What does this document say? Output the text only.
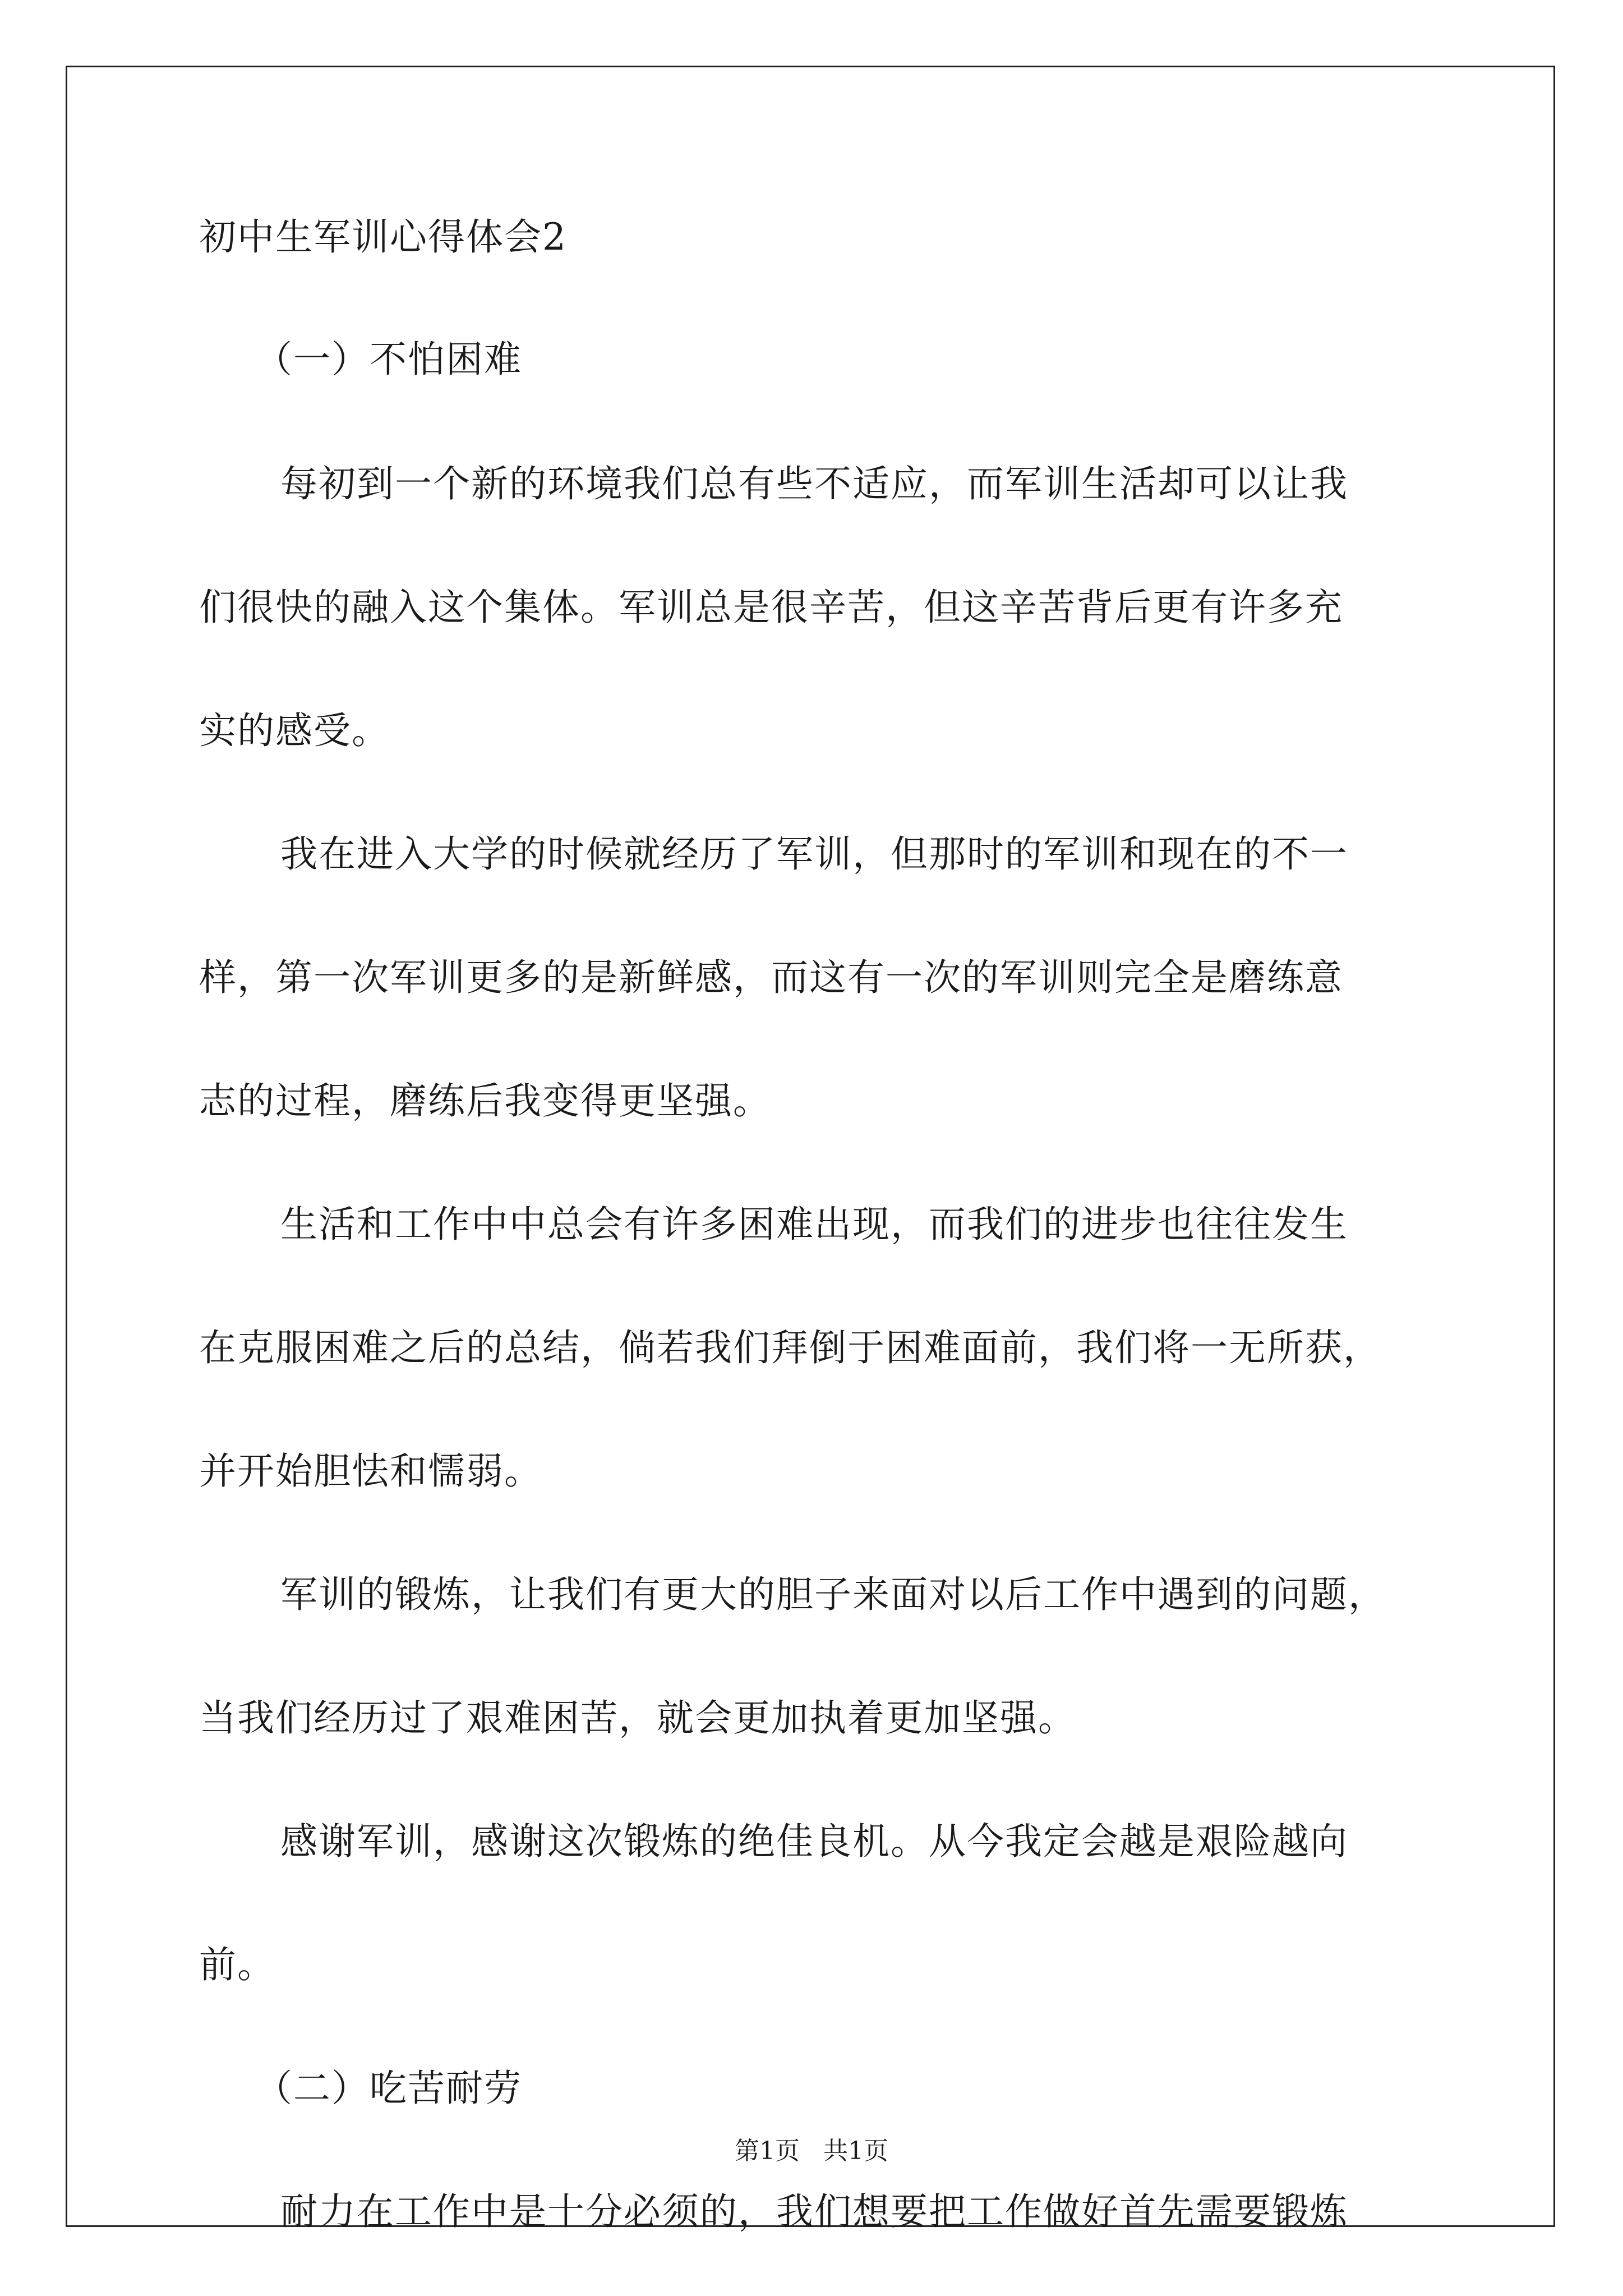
初中生军训心得体会2
（一）不怕困难
每初到一个新的环境我们总有些不适应，而军训生活却可以让我
们很快的融入这个集体。军训总是很辛苦，但这辛苦背后更有许多充
实的感受。
我在进入大学的时候就经历了军训，但那时的军训和现在的不一
样，第一次军训更多的是新鲜感，而这有一次的军训则完全是磨练意
志的过程，磨练后我变得更坚强。
生活和工作中中总会有许多困难出现，而我们的进步也往往发生
在克服困难之后的总结，倘若我们拜倒于困难面前，我们将一无所获，
并开始胆怯和懦弱。
军训的锻炼，让我们有更大的胆子来面对以后工作中遇到的问题，
当我们经历过了艰难困苦，就会更加执着更加坚强。
感谢军训，感谢这次锻炼的绝佳良机。从今我定会越是艰险越向
前。
（二）吃苦耐劳
耐力在工作中是十分必须的，我们想要把工作做好首先需要锻炼
第1页   共1页
